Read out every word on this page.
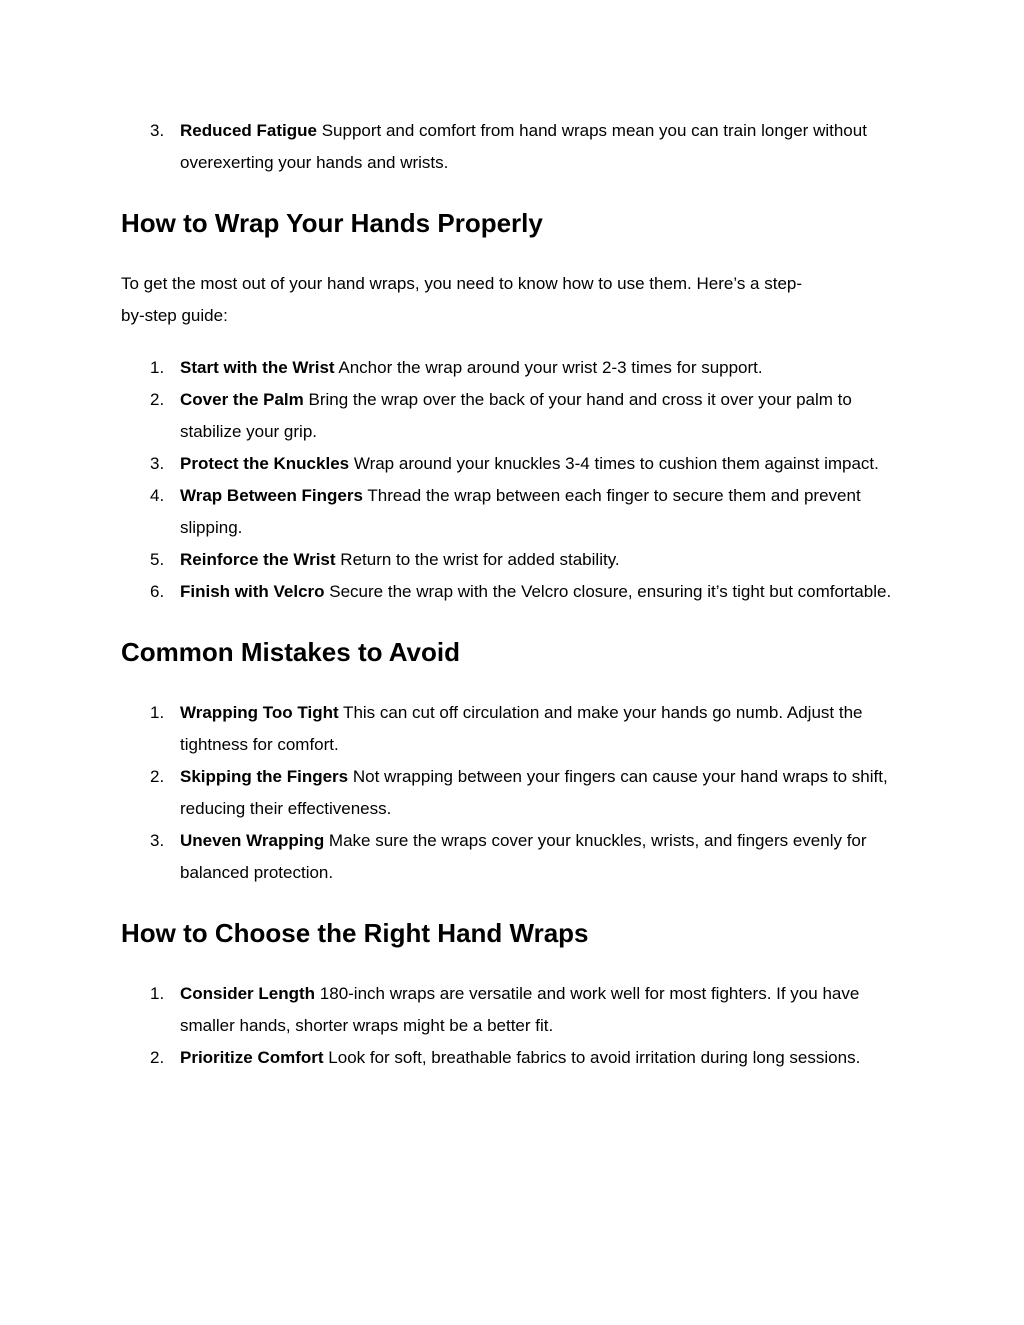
3. Reduced Fatigue Support and comfort from hand wraps mean you can train longer without overexerting your hands and wrists.
How to Wrap Your Hands Properly

To get the most out of your hand wraps, you need to know how to use them. Here’s a step-by-step guide:

1. Start with the Wrist Anchor the wrap around your wrist 2-3 times for support.
2. Cover the Palm Bring the wrap over the back of your hand and cross it over your palm to stabilize your grip.
3. Protect the Knuckles Wrap around your knuckles 3-4 times to cushion them against impact.
4. Wrap Between Fingers Thread the wrap between each finger to secure them and prevent slipping.
5. Reinforce the Wrist Return to the wrist for added stability.
6. Finish with Velcro Secure the wrap with the Velcro closure, ensuring it’s tight but comfortable.
Common Mistakes to Avoid
1. Wrapping Too Tight This can cut off circulation and make your hands go numb. Adjust the tightness for comfort.
2. Skipping the Fingers Not wrapping between your fingers can cause your hand wraps to shift, reducing their effectiveness.
3. Uneven Wrapping Make sure the wraps cover your knuckles, wrists, and fingers evenly for balanced protection.
How to Choose the Right Hand Wraps
1. Consider Length 180-inch wraps are versatile and work well for most fighters. If you have smaller hands, shorter wraps might be a better fit.
2. Prioritize Comfort Look for soft, breathable fabrics to avoid irritation during long sessions.
